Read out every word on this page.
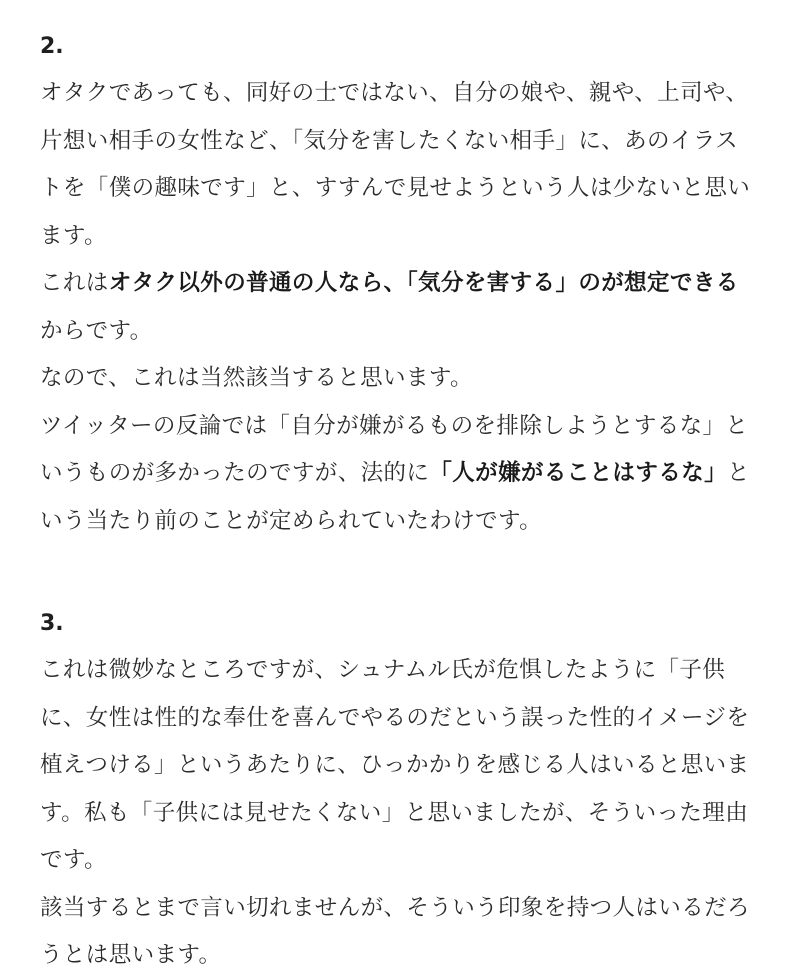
2.

オタクであっても、同好の士ではない、自分の娘や、親や、上司や、片想い相手の女性など、「気分を害したくない相手」に、あのイラストを「僕の趣味です」と、すすんで見せようという人は少ないと思います。

これはオタク以外の普通の人なら、「気分を害する」のが想定できるからです。

なので、これは当然該当すると思います。

ツイッターの反論では「自分が嫌がるものを排除しようとするな」というものが多かったのですが、法的に「人が嫌がることはするな」という当たり前のことが定められていたわけです。

3.

これは微妙なところですが、シュナムル氏が危惧したように「子供に、女性は性的な奉仕を喜んでやるのだという誤った性的イメージを植えつける」というあたりに、ひっかかりを感じる人はいると思います。私も「子供には見せたくない」と思いましたが、そういった理由です。

該当するとまで言い切れませんが、そういう印象を持つ人はいるだろうとは思います。
